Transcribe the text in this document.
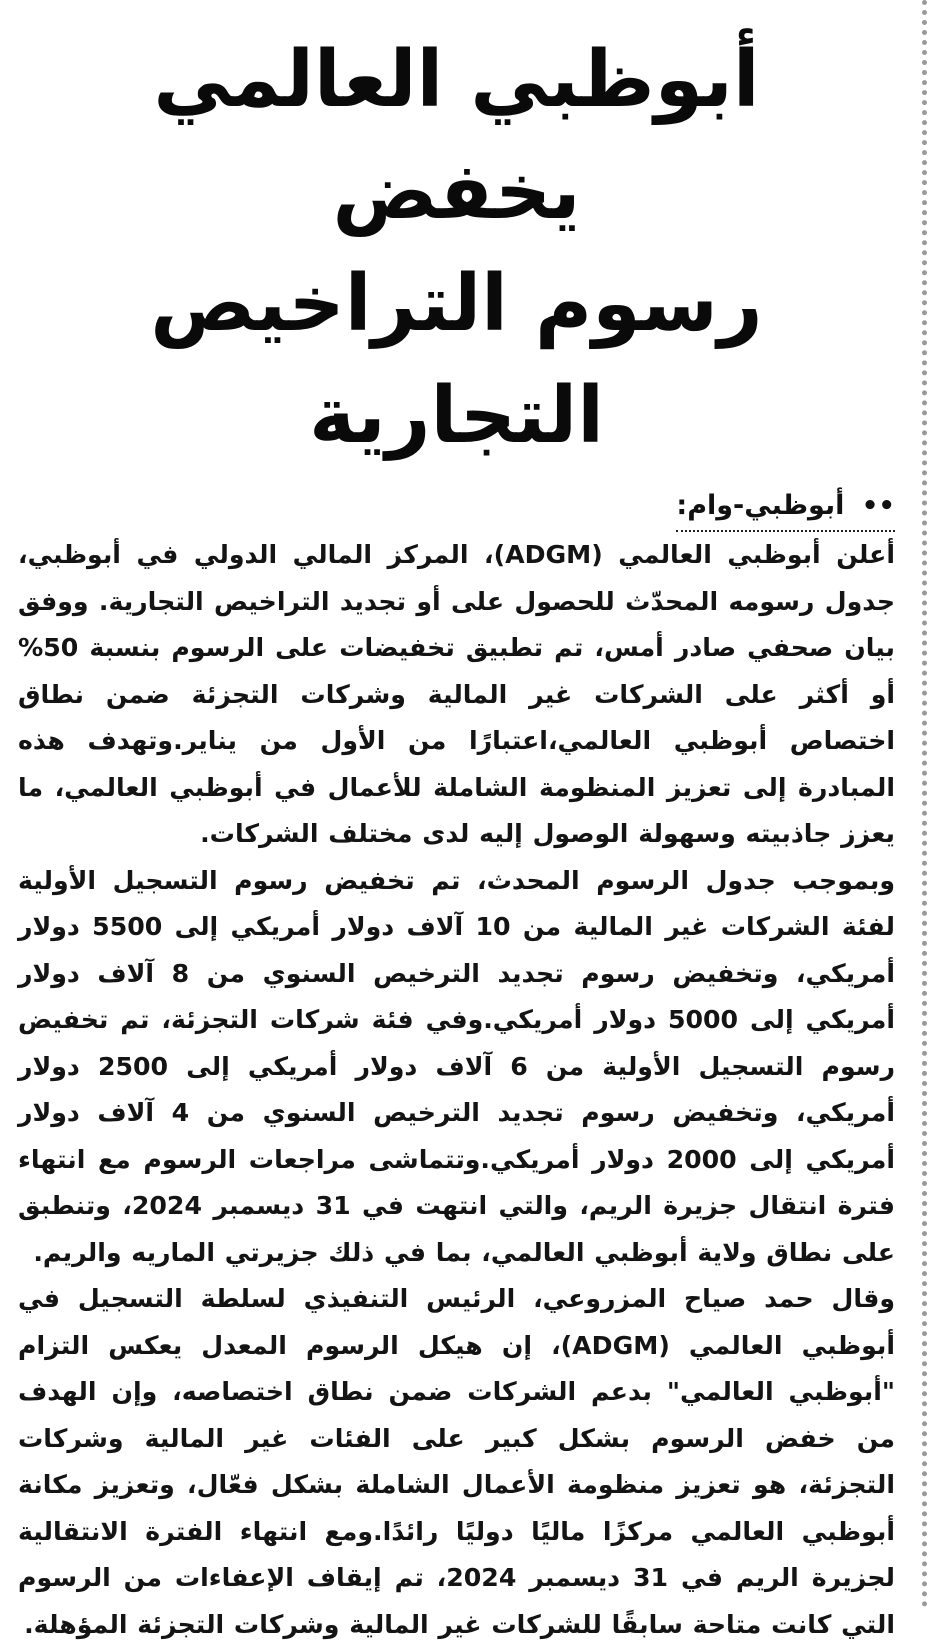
أبوظبي العالمي يخفض
رسوم التراخيص التجارية
•• أبوظبي-وام:

أعلن أبوظبي العالمي (ADGM)، المركز المالي الدولي في أبوظبي، جدول رسومه المحدّث للحصول على أو تجديد التراخيص التجارية. ووفق بيان صحفي صادر أمس، تم تطبيق تخفيضات على الرسوم بنسبة 50% أو أكثر على الشركات غير المالية وشركات التجزئة ضمن نطاق اختصاص أبوظبي العالمي،اعتبارًا من الأول من يناير.وتهدف هذه المبادرة إلى تعزيز المنظومة الشاملة للأعمال في أبوظبي العالمي، ما يعزز جاذبيته وسهولة الوصول إليه لدى مختلف الشركات.

وبموجب جدول الرسوم المحدث، تم تخفيض رسوم التسجيل الأولية لفئة الشركات غير المالية من 10 آلاف دولار أمريكي إلى 5500 دولار أمريكي، وتخفيض رسوم تجديد الترخيص السنوي من 8 آلاف دولار أمريكي إلى 5000 دولار أمريكي.وفي فئة شركات التجزئة، تم تخفيض رسوم التسجيل الأولية من 6 آلاف دولار أمريكي إلى 2500 دولار أمريكي، وتخفيض رسوم تجديد الترخيص السنوي من 4 آلاف دولار أمريكي إلى 2000 دولار أمريكي.وتتماشى مراجعات الرسوم مع انتهاء فترة انتقال جزيرة الريم، والتي انتهت في 31 ديسمبر 2024، وتنطبق على نطاق ولاية أبوظبي العالمي، بما في ذلك جزيرتي الماريه والريم.

وقال حمد صياح المزروعي، الرئيس التنفيذي لسلطة التسجيل في أبوظبي العالمي (ADGM)، إن هيكل الرسوم المعدل يعكس التزام "أبوظبي العالمي" بدعم الشركات ضمن نطاق اختصاصه، وإن الهدف من خفض الرسوم بشكل كبير على الفئات غير المالية وشركات التجزئة، هو تعزيز منظومة الأعمال الشاملة بشكل فعّال، وتعزيز مكانة أبوظبي العالمي مركزًا ماليًا دوليًا رائدًا.ومع انتهاء الفترة الانتقالية لجزيرة الريم في 31 ديسمبر 2024، تم إيقاف الإعفاءات من الرسوم التي كانت متاحة سابقًا للشركات غير المالية وشركات التجزئة المؤهلة.
